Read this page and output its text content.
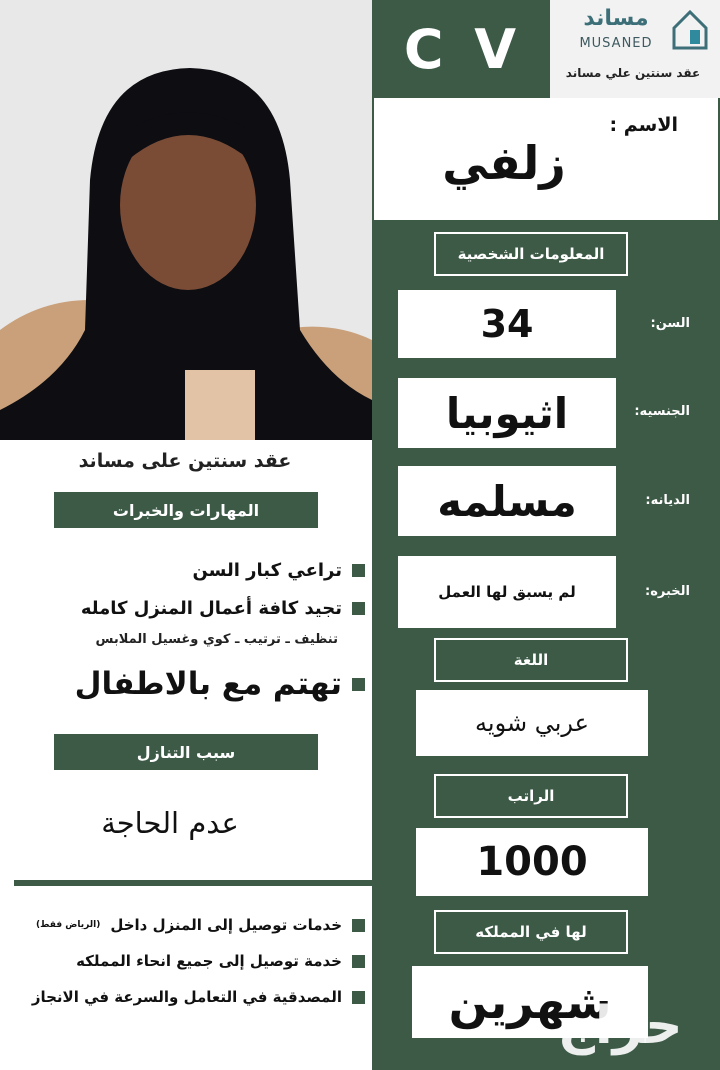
C V	مساند
MUSANED
عقد سنتين علي مساند
الاسم :
زلفي
المعلومات الشخصية
السن:
34
الجنسيه:
اثيوبيا
الديانه:
مسلمه
الخبره:
لم يسبق لها العمل
اللغة
عربي شويه
الراتب
1000
لها في المملكه
شهرين
حراج
عقد سنتين على مساند
المهارات والخبرات
تراعي كبار السن
تجيد كافة أعمال المنزل كامله
تنظيف ـ ترتيب ـ كوي وغسيل الملابس
تهتم مع بالاطفال
سبب التنازل
عدم الحاجة
خدمات توصيل إلى المنزل داخل
(الرياض فقط)
خدمة توصيل إلى جميع انحاء المملكه
المصدقية في التعامل والسرعة في الانجاز
